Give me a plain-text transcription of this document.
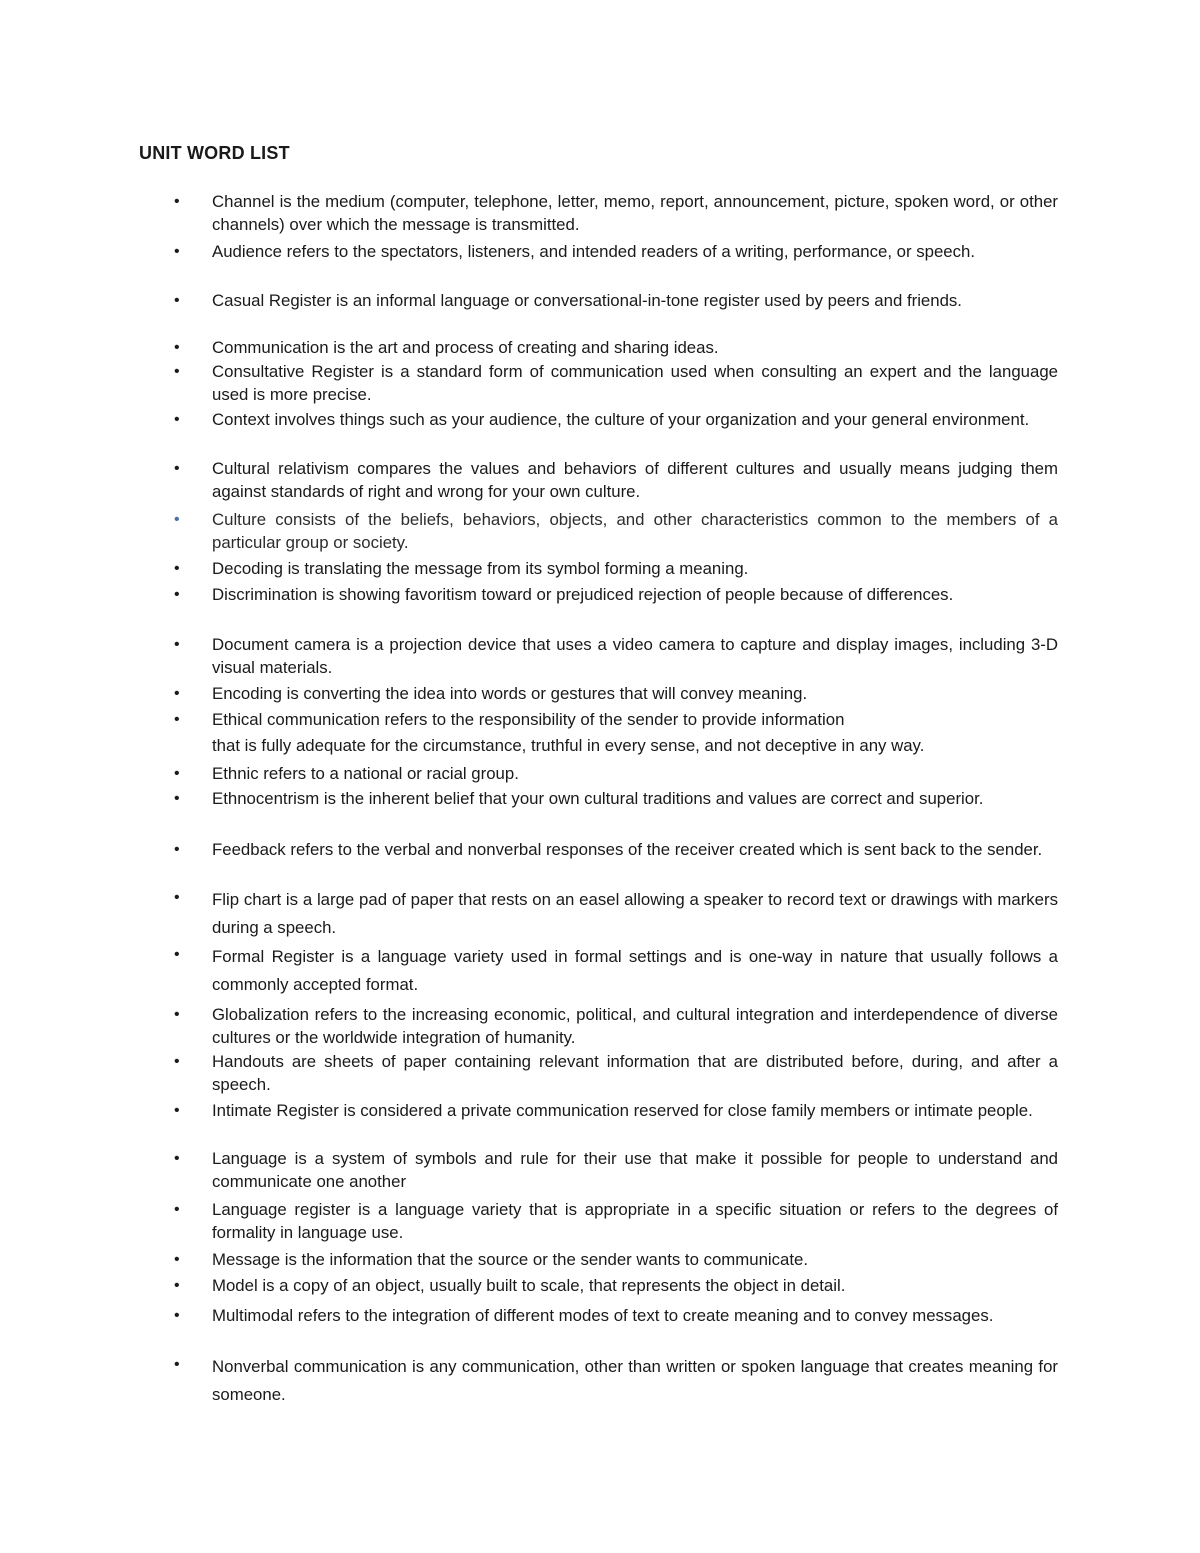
UNIT WORD LIST
• Channel is the medium (computer, telephone, letter, memo, report, announcement, picture, spoken word, or other channels) over which the message is transmitted.

• Audience refers to the spectators, listeners, and intended readers of a writing, performance, or speech.

• Casual Register is an informal language or conversational-in-tone register used by peers and friends.

• Communication is the art and process of creating and sharing ideas.

• Consultative Register is a standard form of communication used when consulting an expert and the language used is more precise.

• Context involves things such as your audience, the culture of your organization and your general environment.

• Cultural relativism compares the values and behaviors of different cultures and usually means judging them against standards of right and wrong for your own culture.

• Culture consists of the beliefs, behaviors, objects, and other characteristics common to the members of a particular group or society.

• Decoding is translating the message from its symbol forming a meaning.

• Discrimination is showing favoritism toward or prejudiced rejection of people because of differences.

• Document camera is a projection device that uses a video camera to capture and display images, including 3-D visual materials.

• Encoding is converting the idea into words or gestures that will convey meaning.

• Ethical communication refers to the responsibility of the sender to provide information

that is fully adequate for the circumstance, truthful in every sense, and not deceptive in any way.

• Ethnic refers to a national or racial group.

• Ethnocentrism is the inherent belief that your own cultural traditions and values are correct and superior.

• Feedback refers to the verbal and nonverbal responses of the receiver created which is sent back to the sender.

• Flip chart is a large pad of paper that rests on an easel allowing a speaker to record text or drawings with markers during a speech.

• Formal Register is a language variety used in formal settings and is one-way in nature that usually follows a commonly accepted format.

• Globalization refers to the increasing economic, political, and cultural integration and interdependence of diverse cultures or the worldwide integration of humanity.

• Handouts are sheets of paper containing relevant information that are distributed before, during, and after a speech.

• Intimate Register is considered a private communication reserved for close family members or intimate people.

• Language is a system of symbols and rule for their use that make it possible for people to understand and communicate one another

• Language register is a language variety that is appropriate in a specific situation or refers to the degrees of formality in language use.

• Message is the information that the source or the sender wants to communicate.

• Model is a copy of an object, usually built to scale, that represents the object in detail.

• Multimodal refers to the integration of different modes of text to create meaning and to convey messages.

• Nonverbal communication is any communication, other than written or spoken language that creates meaning for someone.
